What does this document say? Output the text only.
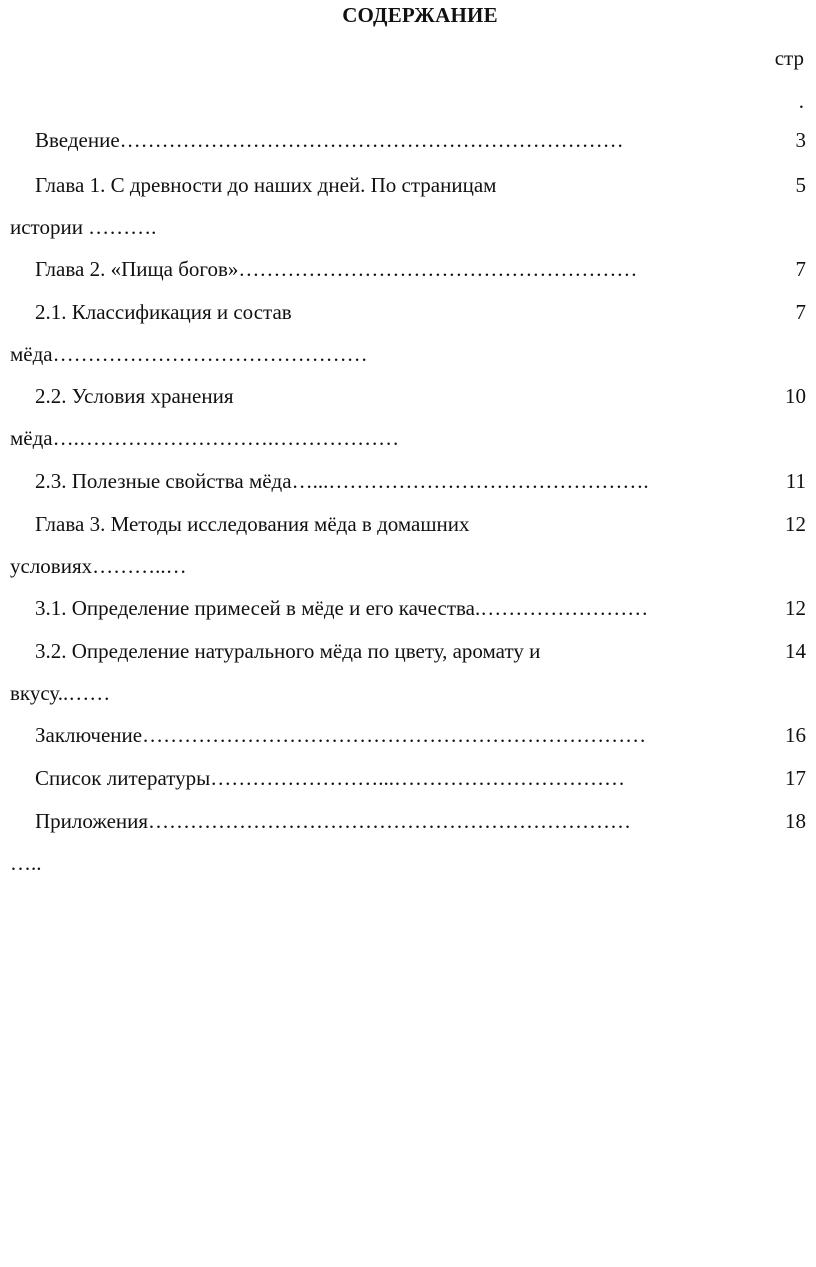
СОДЕРЖАНИЕ
стр
.
Введение………………………………………………………………	3
Глава 1. С древности до наших дней. По страницам	5
истории ……….
Глава 2. «Пища богов»…………………………………………………	7
2.1. Классификация и состав	7
мёда………………………………………
2.2. Условия хранения	10
мёда….……………………….………………
2.3. Полезные свойства мёда…...……………………………………….	11
Глава 3. Методы исследования мёда в домашних	12
условиях………..…
3.1. Определение примесей в мёде и его качества.……………………	12
3.2. Определение натурального мёда по цвету, аромату и	14
вкусу..……
Заключение………………………………………………………………	16
Список литературы……………………...……………………………	17
Приложения……………………………………………………………	18
…..
